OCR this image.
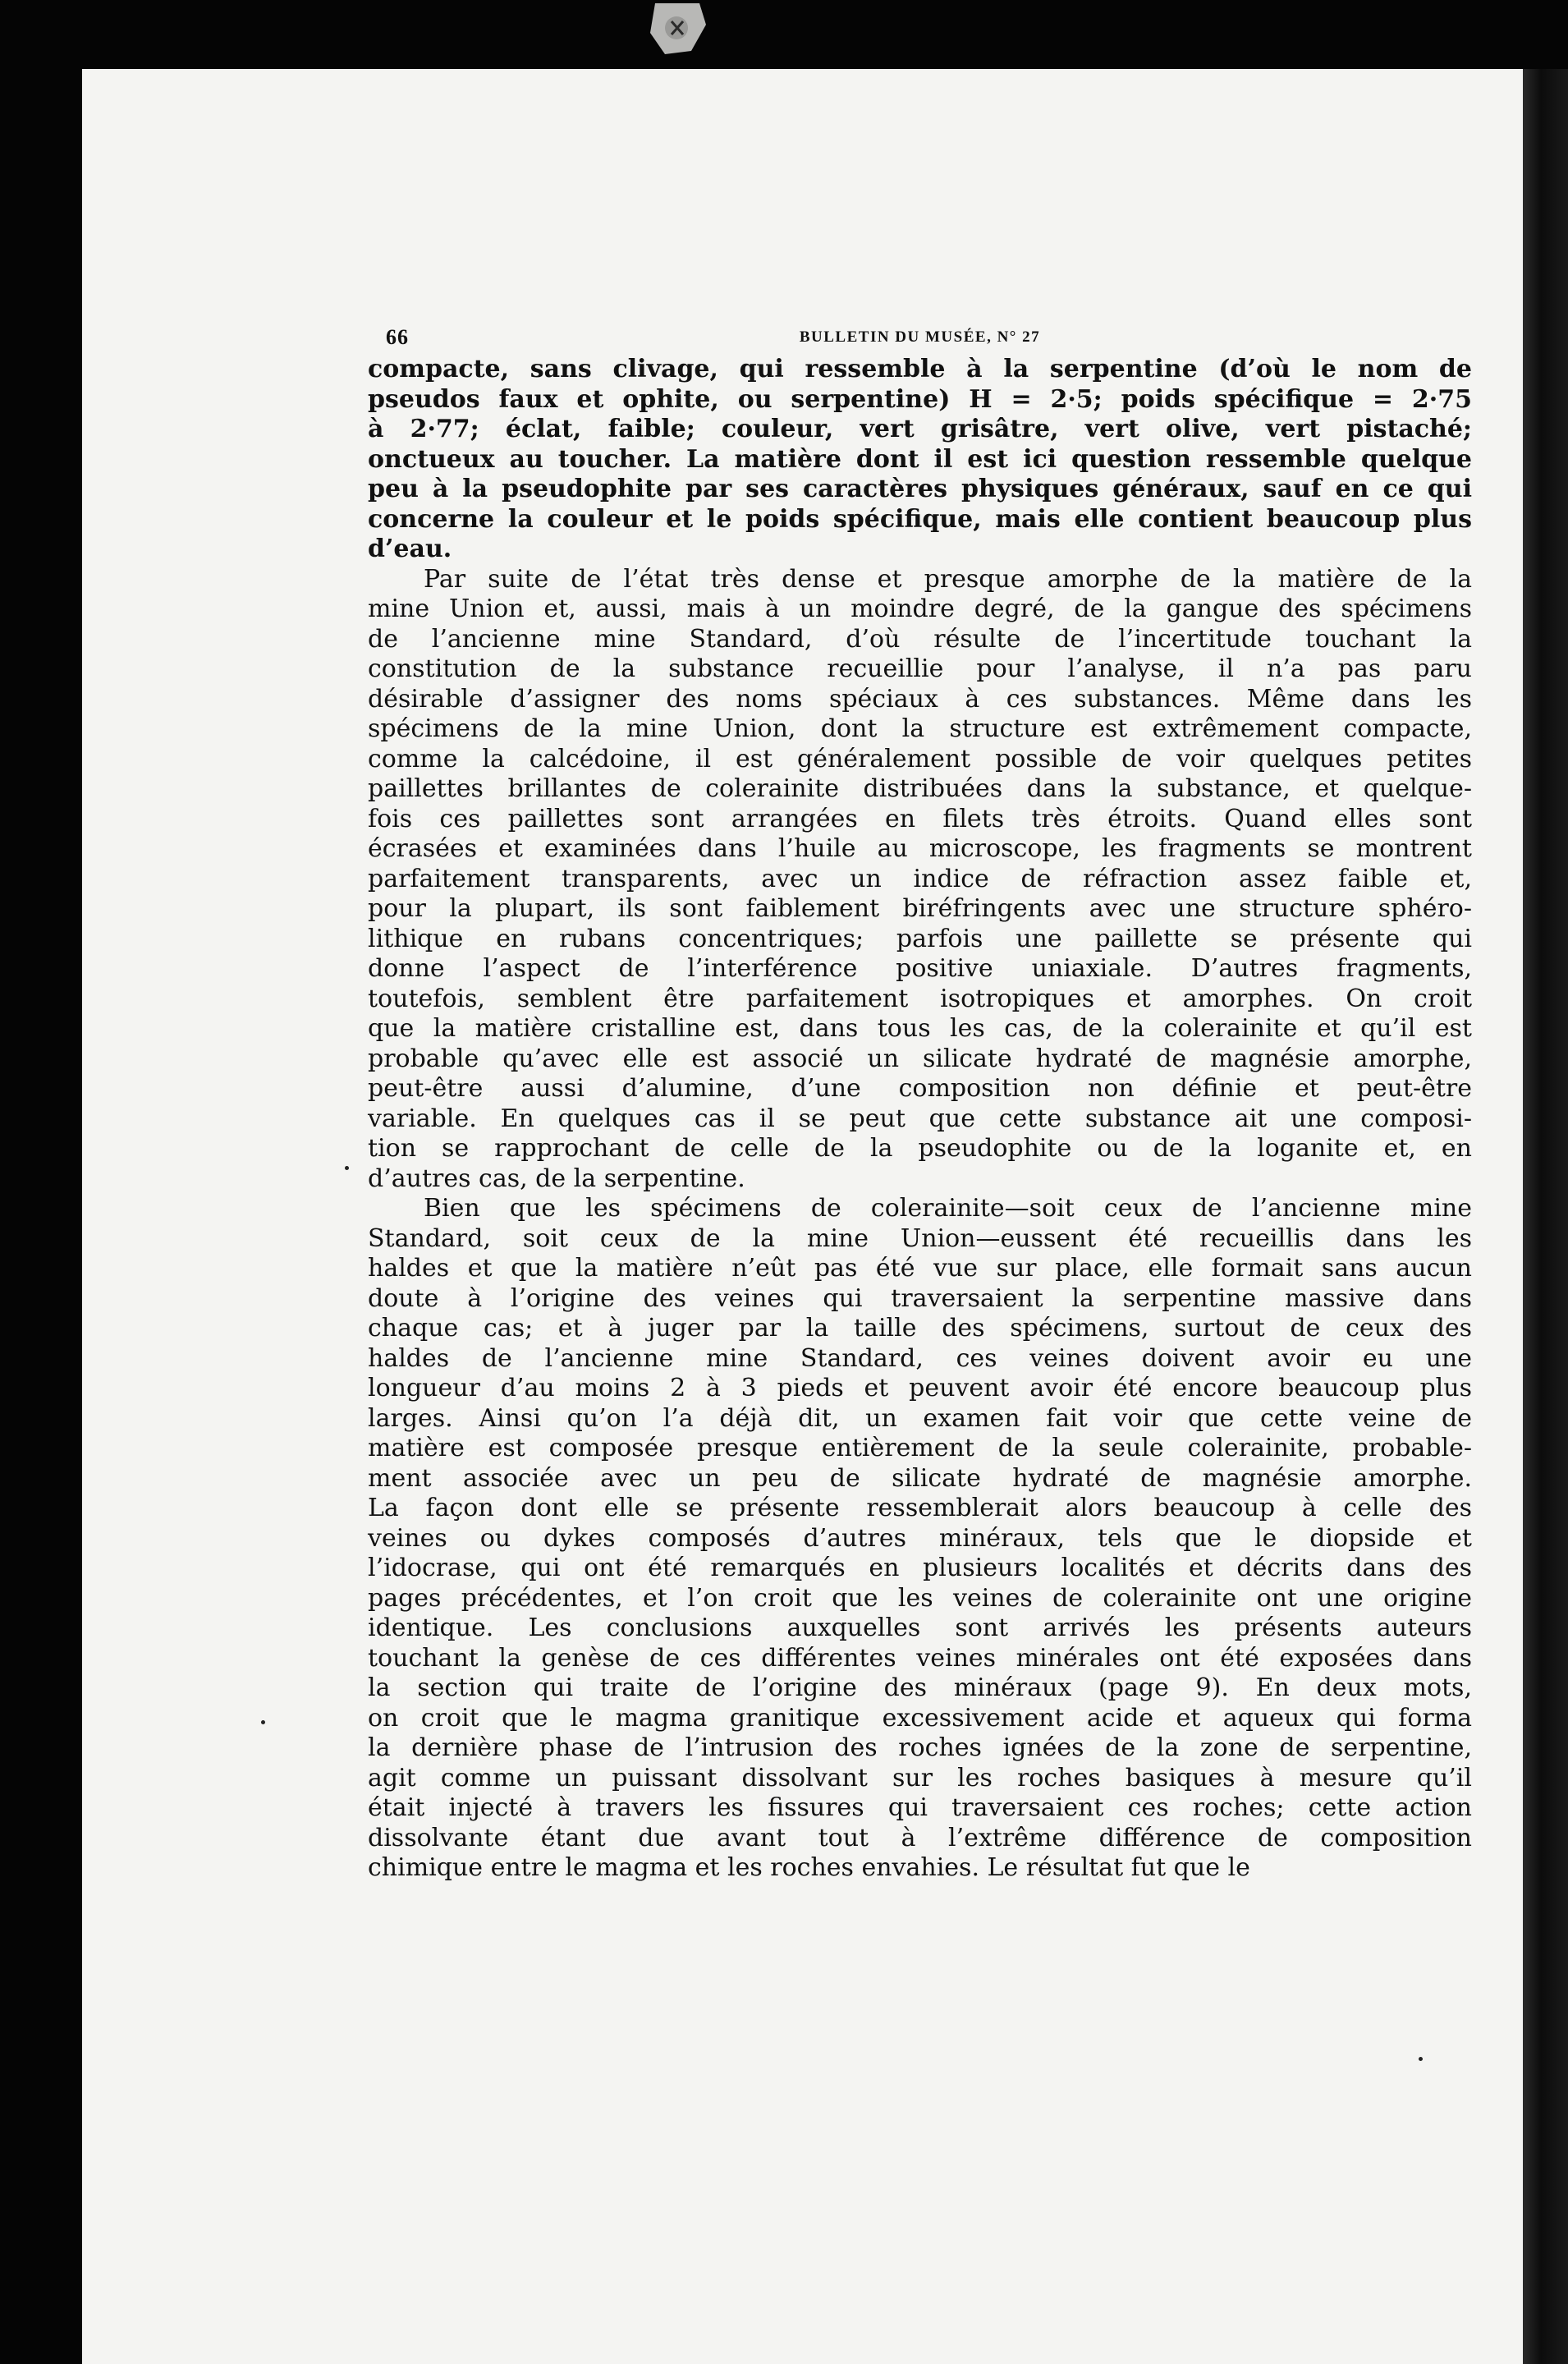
66	BULLETIN DU MUSÉE, N° 27

compacte, sans clivage, qui ressemble à la serpentine (d’où le nom de
pseudos faux et ophite, ou serpentine) H = 2·5; poids spécifique = 2·75
à 2·77; éclat, faible; couleur, vert grisâtre, vert olive, vert pistaché;
onctueux au toucher. La matière dont il est ici question ressemble quelque
peu à la pseudophite par ses caractères physiques généraux, sauf en ce qui
concerne la couleur et le poids spécifique, mais elle contient beaucoup plus
d’eau.

Par suite de l’état très dense et presque amorphe de la matière de la
mine Union et, aussi, mais à un moindre degré, de la gangue des spécimens
de l’ancienne mine Standard, d’où résulte de l’incertitude touchant la
constitution de la substance recueillie pour l’analyse, il n’a pas paru
désirable d’assigner des noms spéciaux à ces substances. Même dans les
spécimens de la mine Union, dont la structure est extrêmement compacte,
comme la calcédoine, il est généralement possible de voir quelques petites
paillettes brillantes de colerainite distribuées dans la substance, et quelque-
fois ces paillettes sont arrangées en filets très étroits. Quand elles sont
écrasées et examinées dans l’huile au microscope, les fragments se montrent
parfaitement transparents, avec un indice de réfraction assez faible et,
pour la plupart, ils sont faiblement biréfringents avec une structure sphéro-
lithique en rubans concentriques; parfois une paillette se présente qui
donne l’aspect de l’interférence positive uniaxiale. D’autres fragments,
toutefois, semblent être parfaitement isotropiques et amorphes. On croit
que la matière cristalline est, dans tous les cas, de la colerainite et qu’il est
probable qu’avec elle est associé un silicate hydraté de magnésie amorphe,
peut-être aussi d’alumine, d’une composition non définie et peut-être
variable. En quelques cas il se peut que cette substance ait une composi-
tion se rapprochant de celle de la pseudophite ou de la loganite et, en
d’autres cas, de la serpentine.

Bien que les spécimens de colerainite—soit ceux de l’ancienne mine
Standard, soit ceux de la mine Union—eussent été recueillis dans les
haldes et que la matière n’eût pas été vue sur place, elle formait sans aucun
doute à l’origine des veines qui traversaient la serpentine massive dans
chaque cas; et à juger par la taille des spécimens, surtout de ceux des
haldes de l’ancienne mine Standard, ces veines doivent avoir eu une
longueur d’au moins 2 à 3 pieds et peuvent avoir été encore beaucoup plus
larges. Ainsi qu’on l’a déjà dit, un examen fait voir que cette veine de
matière est composée presque entièrement de la seule colerainite, probable-
ment associée avec un peu de silicate hydraté de magnésie amorphe.
La façon dont elle se présente ressemblerait alors beaucoup à celle des
veines ou dykes composés d’autres minéraux, tels que le diopside et
l’idocrase, qui ont été remarqués en plusieurs localités et décrits dans des
pages précédentes, et l’on croit que les veines de colerainite ont une origine
identique. Les conclusions auxquelles sont arrivés les présents auteurs
touchant la genèse de ces différentes veines minérales ont été exposées dans
la section qui traite de l’origine des minéraux (page 9). En deux mots,
on croit que le magma granitique excessivement acide et aqueux qui forma
la dernière phase de l’intrusion des roches ignées de la zone de serpentine,
agit comme un puissant dissolvant sur les roches basiques à mesure qu’il
était injecté à travers les fissures qui traversaient ces roches; cette action
dissolvante étant due avant tout à l’extrême différence de composition
chimique entre le magma et les roches envahies. Le résultat fut que le
